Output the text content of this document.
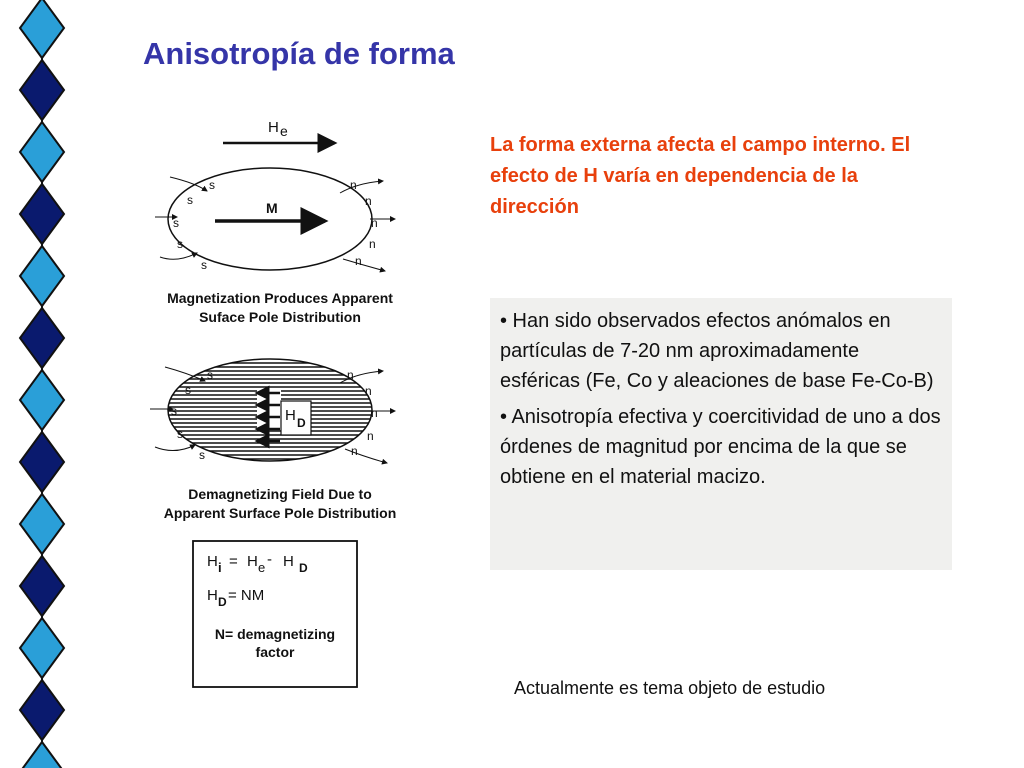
Anisotropía de forma
H e
M
s
s
s
s
s
n
n
n
n
n
Magnetization Produces Apparent
Suface Pole Distribution
H D
s
s
s
s
s
n
n
n
n
n
Demagnetizing Field Due to
Apparent Surface Pole Distribution
H i = H e - H D
H D = NM
N= demagnetizing
factor

La forma externa afecta el campo interno. El efecto de H varía en dependencia de la dirección

• Han sido observados efectos anómalos en partículas de 7-20 nm aproximadamente esféricas (Fe, Co y aleaciones de base Fe-Co-B)

• Anisotropía efectiva y coercitividad de uno a dos órdenes de magnitud por encima de la que se obtiene en el material macizo.

Actualmente es tema objeto de estudio
